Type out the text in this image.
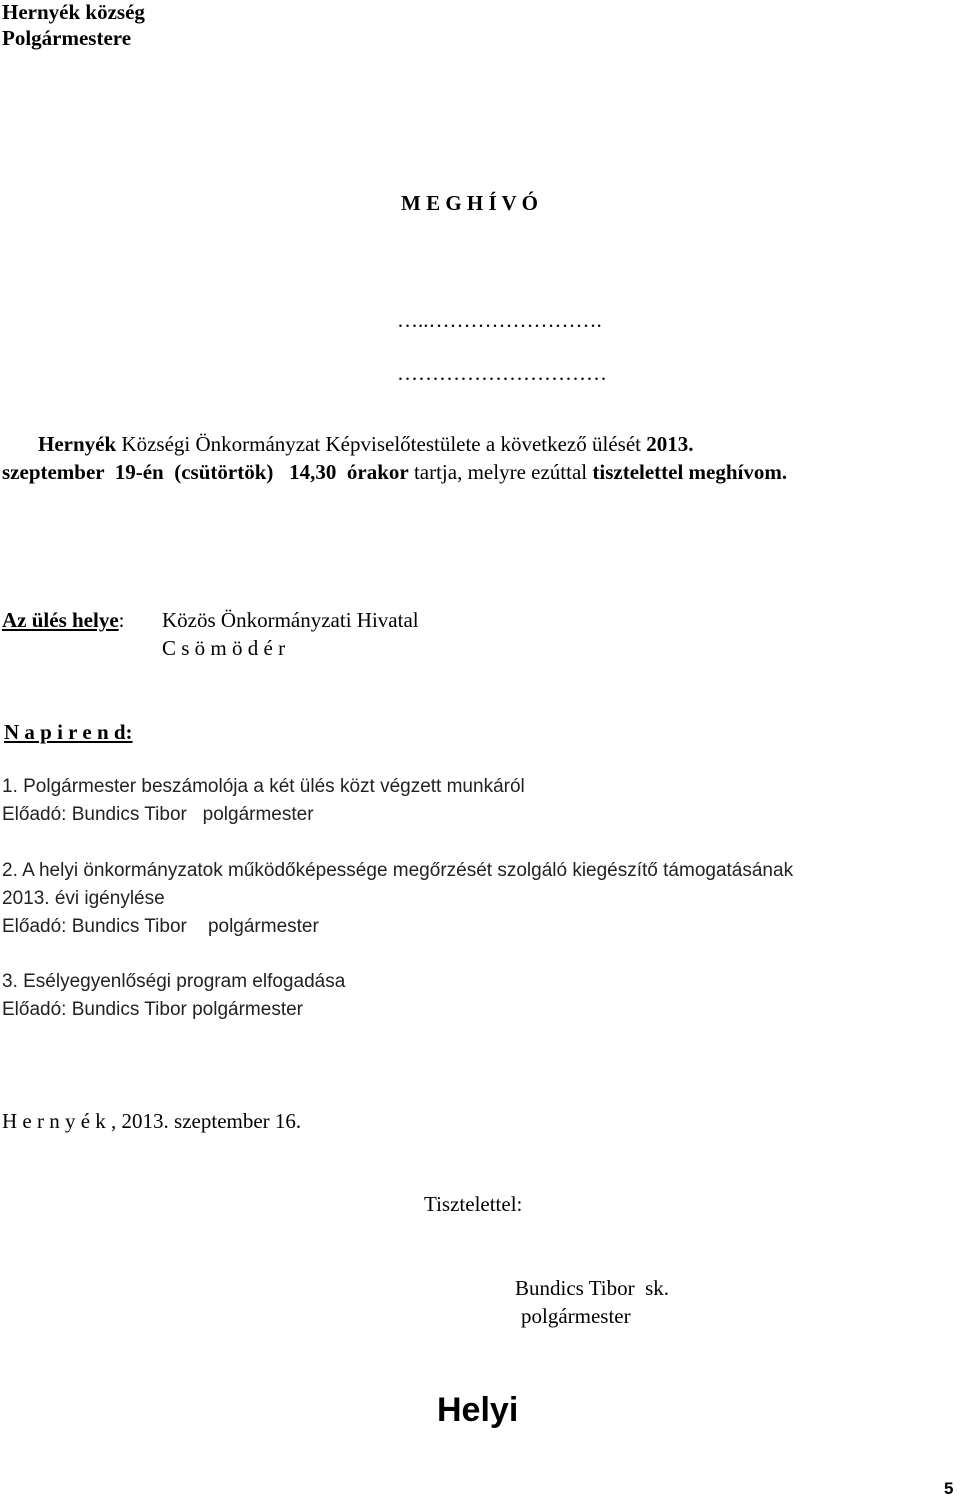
Hernyék község
Polgármestere
M E G H Í V Ó
…..…………………….
…………………………
Hernyék Községi Önkormányzat Képviselőtestülete a következő ülését 2013.
szeptember  19-én  (csütörtök)   14,30  órakor tartja, melyre ezúttal tisztelettel meghívom.
Az ülés helye: Közös Önkormányzati Hivatal
C s ö m ö d é r
N a p i r e n d:
1. Polgármester beszámolója a két ülés közt végzett munkáról
Előadó: Bundics Tibor   polgármester
2. A helyi önkormányzatok működőképessége megőrzését szolgáló kiegészítő támogatásának
2013. évi igénylése
Előadó: Bundics Tibor    polgármester
3. Esélyegyenlőségi program elfogadása
Előadó: Bundics Tibor polgármester
H e r n y é k , 2013. szeptember 16.
Tisztelettel:
Bundics Tibor  sk.
polgármester
Helyi
5
